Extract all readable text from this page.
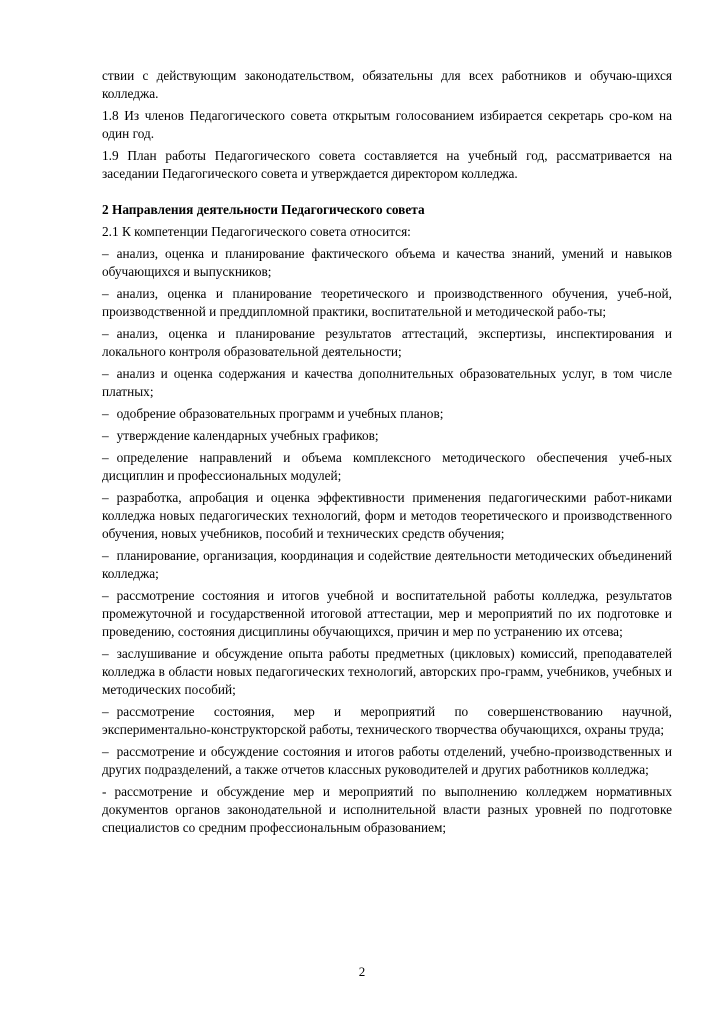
ствии с действующим законодательством, обязательны для всех работников и обучаю-щихся колледжа.

1.8 Из членов Педагогического совета открытым голосованием избирается секретарь сро-ком на один год.

1.9 План работы Педагогического совета составляется на учебный год, рассматривается на заседании Педагогического совета и утверждается директором колледжа.

2 Направления деятельности Педагогического совета

2.1 К компетенции Педагогического совета относится:

– анализ, оценка и планирование фактического объема и качества знаний, умений и навыков обучающихся и выпускников;

– анализ, оценка и планирование теоретического и производственного обучения, учеб-ной, производственной и преддипломной практики, воспитательной и методической рабо-ты;

– анализ, оценка и планирование результатов аттестаций, экспертизы, инспектирования и локального контроля образовательной деятельности;

– анализ и оценка содержания и качества дополнительных образовательных услуг, в том числе платных;

– одобрение образовательных программ и учебных планов;

– утверждение календарных учебных графиков;

– определение направлений и объема комплексного методического обеспечения учеб-ных дисциплин и профессиональных модулей;

– разработка, апробация и оценка эффективности применения педагогическими работ-никами колледжа новых педагогических технологий, форм и методов теоретического и производственного обучения, новых учебников, пособий и технических средств обучения;

– планирование, организация, координация и содействие деятельности методических объединений колледжа;

– рассмотрение состояния и итогов учебной и воспитательной работы колледжа, результатов промежуточной и государственной итоговой аттестации, мер и мероприятий по их подготовке и проведению, состояния дисциплины обучающихся, причин и мер по устранению их отсева;

– заслушивание и обсуждение опыта работы предметных (цикловых) комиссий, преподавателей колледжа в области новых педагогических технологий, авторских про-грамм, учебников, учебных и методических пособий;

– рассмотрение состояния, мер и мероприятий по совершенствованию научной, экспериментально-конструкторской работы, технического творчества обучающихся, охраны труда;

– рассмотрение и обсуждение состояния и итогов работы отделений, учебно-производственных и других подразделений, а также отчетов классных руководителей и других работников колледжа;

- рассмотрение и обсуждение мер и мероприятий по выполнению колледжем нормативных документов органов законодательной и исполнительной власти разных уровней по подготовке специалистов со средним профессиональным образованием;

2
